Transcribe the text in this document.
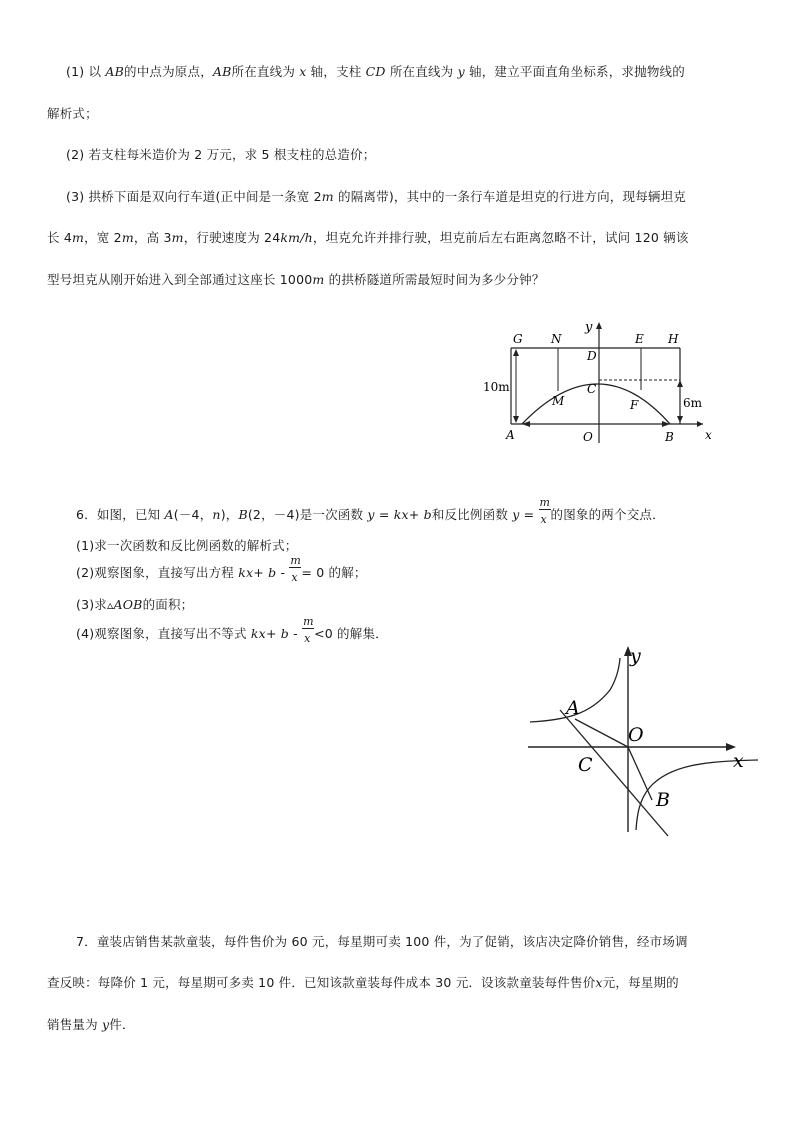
(1) 以 AB的中点为原点，AB所在直线为 x 轴，支柱 CD 所在直线为 y 轴，建立平面直角坐标系，求抛物线的
解析式；
(2) 若支柱每米造价为 2 万元，求 5 根支柱的总造价；
(3) 拱桥下面是双向行车道(正中间是一条宽 2m 的隔离带)，其中的一条行车道是坦克的行进方向，现每辆坦克
长 4m，宽 2m，高 3m，行驶速度为 24km/h，坦克允许并排行驶，坦克前后左右距离忽略不计，试问 120 辆该
型号坦克从刚开始进入到全部通过这座长 1000m 的拱桥隧道所需最短时间为多少分钟？
G N
y
E H
D
C
M	F
A	O	B	x
10m
6m
6．如图，已知 A(－4，n)，B(2，－4)是一次函数 y = kx+ b和反比例函数 $y = \frac{m}{x}$ 的图象的两个交点．
(1)求一次函数和反比例函数的解析式；
(2)观察图象，直接写出方程 $kx+ b - \frac{m}{x} = 0$ 的解；
(3)求▵AOB的面积；
(4)观察图象，直接写出不等式 $kx+ b - \frac{m}{x} <0$ 的解集．
y
A
O
C	x
B
7．童装店销售某款童装，每件售价为 60 元，每星期可卖 100 件，为了促销，该店决定降价销售，经市场调
查反映：每降价 1 元，每星期可多卖 10 件．已知该款童装每件成本 30 元．设该款童装每件售价x元，每星期的
销售量为 y件．
